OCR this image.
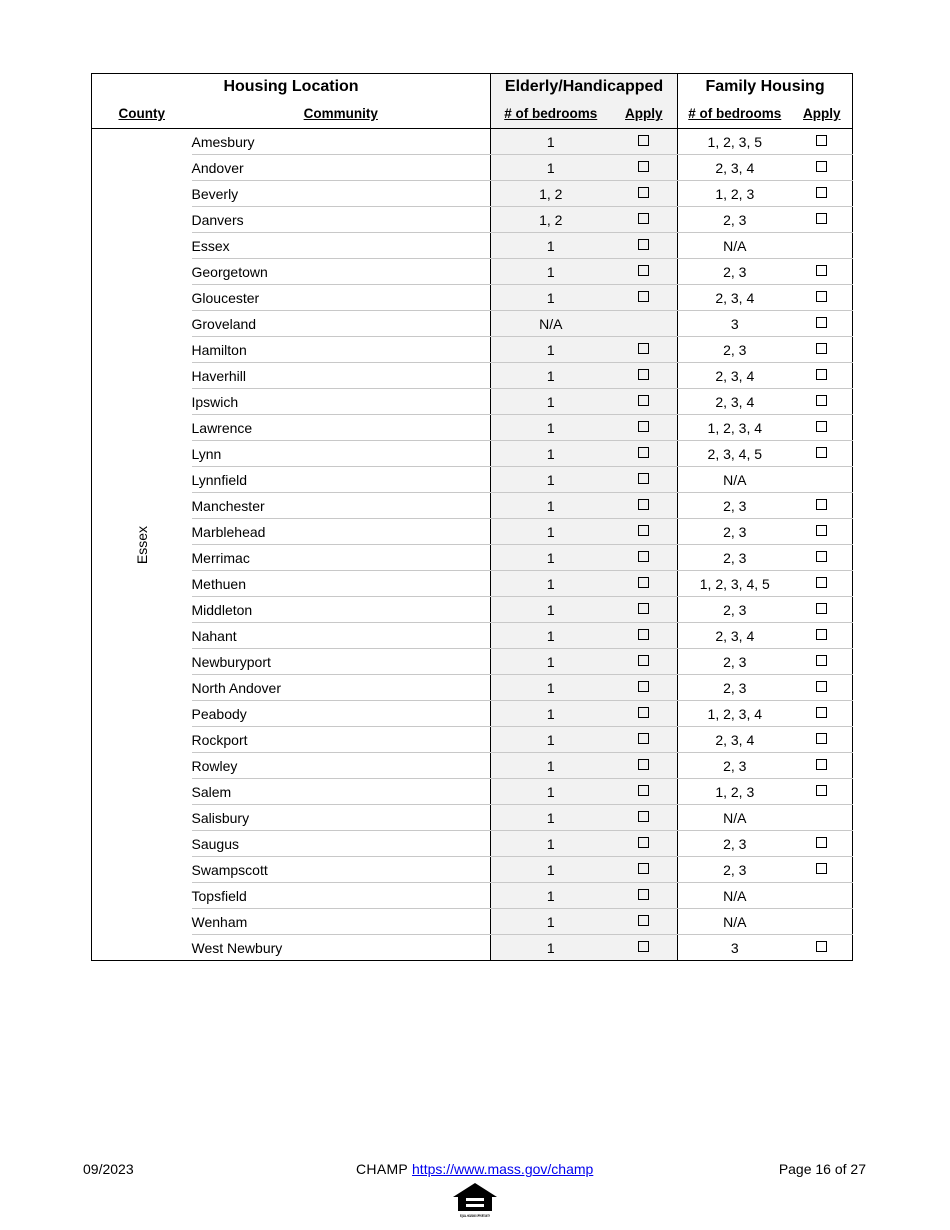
Housing Location		Elderly/Handicapped		Family Housing	
County	Community	# of bedrooms	Apply	# of bedrooms	Apply
Essex	Amesbury	1		1, 2, 3, 5	
	Andover	1		2, 3, 4	
	Beverly	1, 2		1, 2, 3	
	Danvers	1, 2		2, 3	
	Essex	1		N/A	
	Georgetown	1		2, 3	
	Gloucester	1		2, 3, 4	
	Groveland	N/A		3	
	Hamilton	1		2, 3	
	Haverhill	1		2, 3, 4	
	Ipswich	1		2, 3, 4	
	Lawrence	1		1, 2, 3, 4	
	Lynn	1		2, 3, 4, 5	
	Lynnfield	1		N/A	
	Manchester	1		2, 3	
	Marblehead	1		2, 3	
	Merrimac	1		2, 3	
	Methuen	1		1, 2, 3, 4, 5	
	Middleton	1		2, 3	
	Nahant	1		2, 3, 4	
	Newburyport	1		2, 3	
	North Andover	1		2, 3	
	Peabody	1		1, 2, 3, 4	
	Rockport	1		2, 3, 4	
	Rowley	1		2, 3	
	Salem	1		1, 2, 3	
	Salisbury	1		N/A	
	Saugus	1		2, 3	
	Swampscott	1		2, 3	
	Topsfield	1		N/A	
	Wenham	1		N/A	
	West Newbury	1		3	
09/2023	CHAMP https://www.mass.gov/champ	Page 16 of 27
EQUAL HOUSING OPPORTUNITY
